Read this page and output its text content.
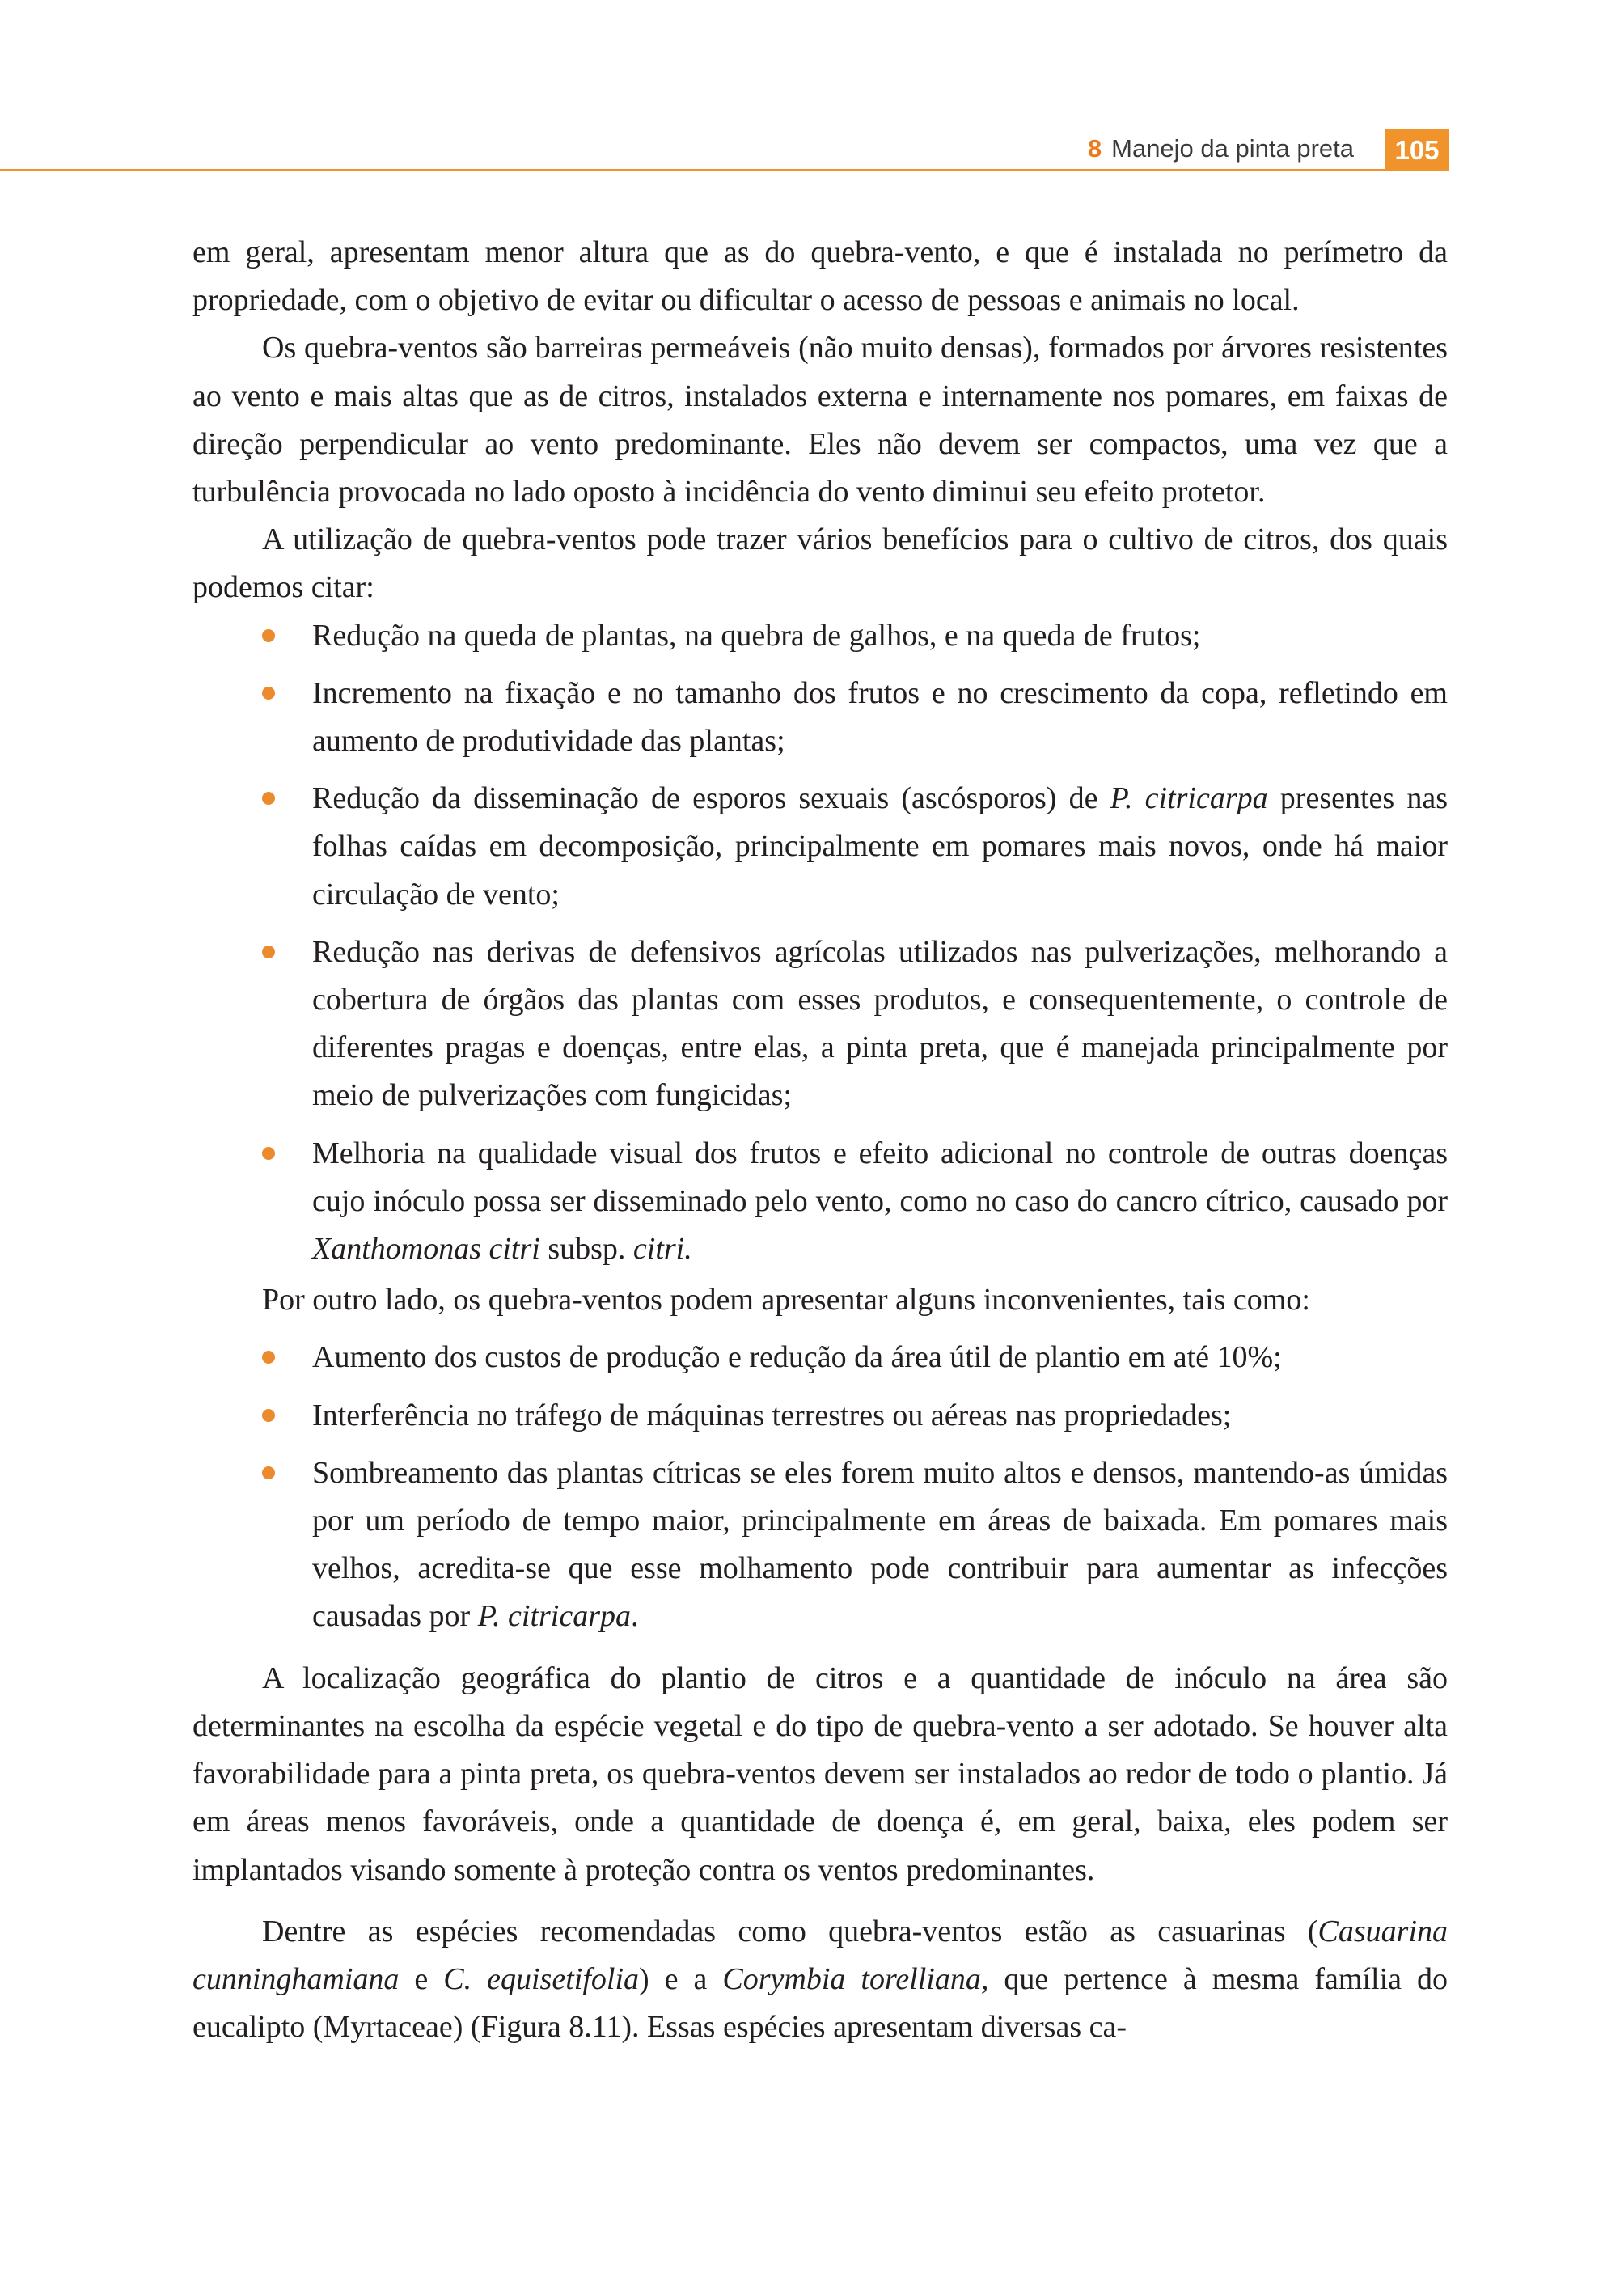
8 Manejo da pinta preta	105

em geral, apresentam menor altura que as do quebra-vento, e que é instalada no perímetro da propriedade, com o objetivo de evitar ou dificultar o acesso de pessoas e animais no local.

Os quebra-ventos são barreiras permeáveis (não muito densas), formados por árvores resistentes ao vento e mais altas que as de citros, instalados externa e internamente nos pomares, em faixas de direção perpendicular ao vento predominante. Eles não devem ser compactos, uma vez que a turbulência provocada no lado oposto à incidência do vento diminui seu efeito protetor.

A utilização de quebra-ventos pode trazer vários benefícios para o cultivo de citros, dos quais podemos citar:

Redução na queda de plantas, na quebra de galhos, e na queda de frutos;
Incremento na fixação e no tamanho dos frutos e no crescimento da copa, refletindo em aumento de produtividade das plantas;
Redução da disseminação de esporos sexuais (ascósporos) de P. citricarpa presentes nas folhas caídas em decomposição, principalmente em pomares mais novos, onde há maior circulação de vento;
Redução nas derivas de defensivos agrícolas utilizados nas pulverizações, melhorando a cobertura de órgãos das plantas com esses produtos, e consequentemente, o controle de diferentes pragas e doenças, entre elas, a pinta preta, que é manejada principalmente por meio de pulverizações com fungicidas;
Melhoria na qualidade visual dos frutos e efeito adicional no controle de outras doenças cujo inóculo possa ser disseminado pelo vento, como no caso do cancro cítrico, causado por Xanthomonas citri subsp. citri.

Por outro lado, os quebra-ventos podem apresentar alguns inconvenientes, tais como:

Aumento dos custos de produção e redução da área útil de plantio em até 10%;
Interferência no tráfego de máquinas terrestres ou aéreas nas propriedades;
Sombreamento das plantas cítricas se eles forem muito altos e densos, mantendo-as úmidas por um período de tempo maior, principalmente em áreas de baixada. Em pomares mais velhos, acredita-se que esse molhamento pode contribuir para aumentar as infecções causadas por P. citricarpa.

A localização geográfica do plantio de citros e a quantidade de inóculo na área são determinantes na escolha da espécie vegetal e do tipo de quebra-vento a ser adotado. Se houver alta favorabilidade para a pinta preta, os quebra-ventos devem ser instalados ao redor de todo o plantio. Já em áreas menos favoráveis, onde a quantidade de doença é, em geral, baixa, eles podem ser implantados visando somente à proteção contra os ventos predominantes.

Dentre as espécies recomendadas como quebra-ventos estão as casuarinas (Casuarina cunninghamiana e C. equisetifolia) e a Corymbia torelliana, que pertence à mesma família do eucalipto (Myrtaceae) (Figura 8.11). Essas espécies apresentam diversas ca-
